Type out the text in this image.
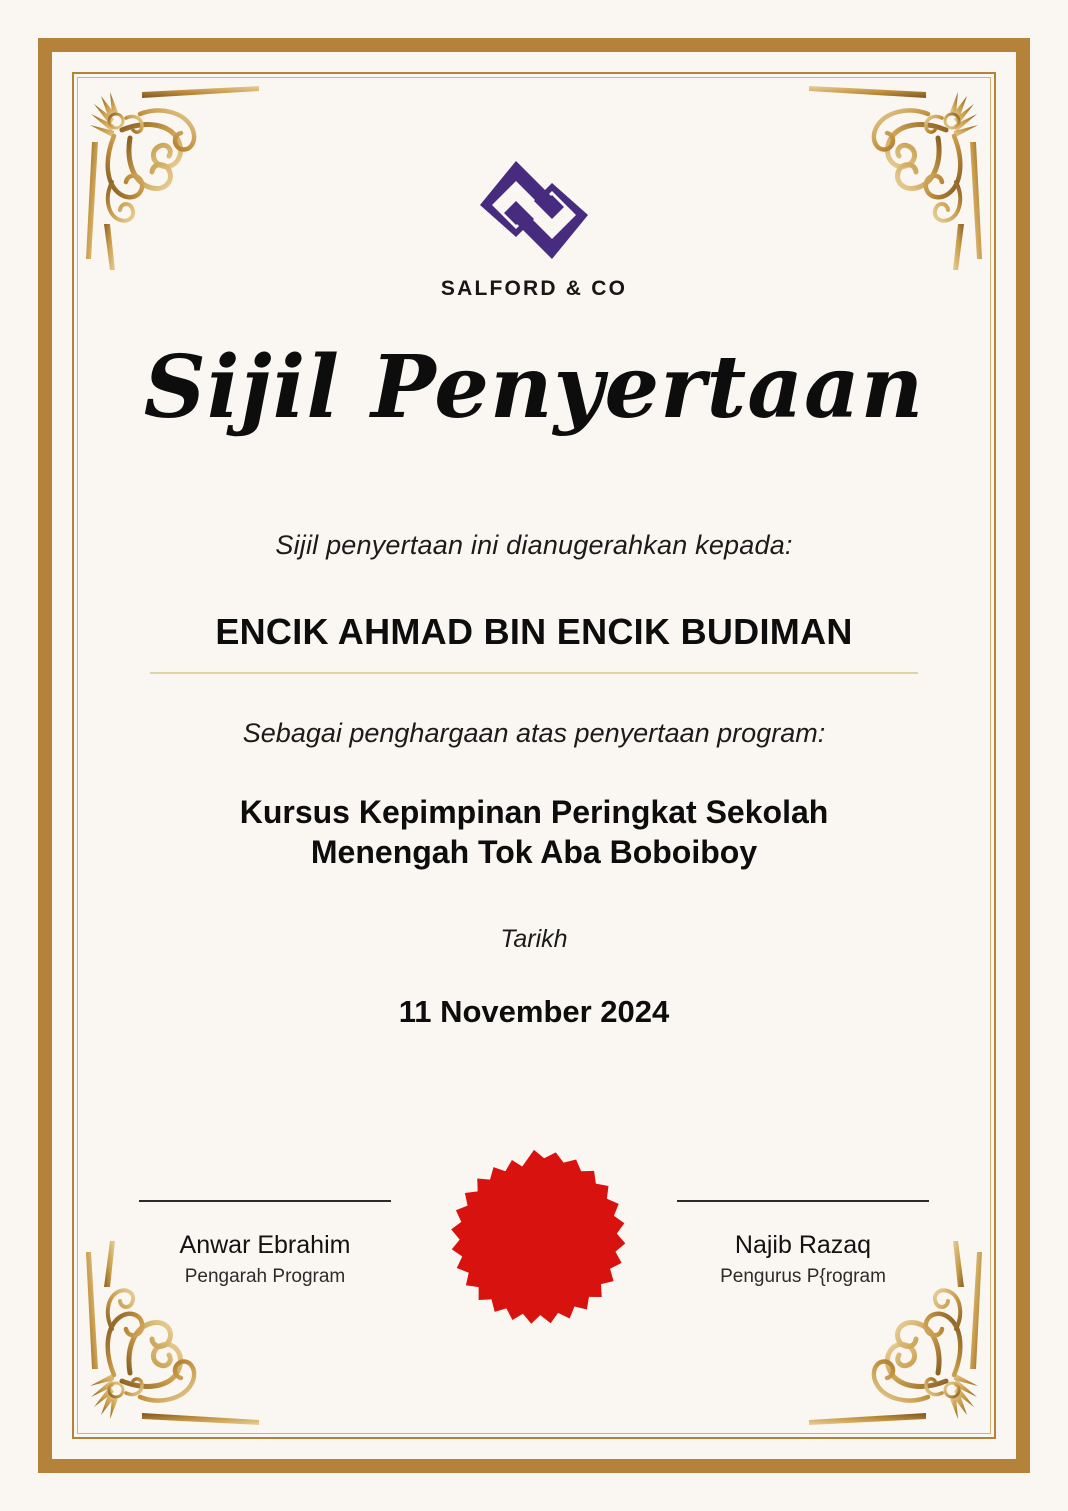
SALFORD & CO
Sijil Penyertaan
Sijil penyertaan ini dianugerahkan kepada:
ENCIK AHMAD BIN ENCIK BUDIMAN
Sebagai penghargaan atas penyertaan program:
Kursus Kepimpinan Peringkat Sekolah
Menengah Tok Aba Boboiboy
Tarikh
11 November 2024
Anwar Ebrahim
Pengarah Program
Najib Razaq
Pengurus P{rogram
